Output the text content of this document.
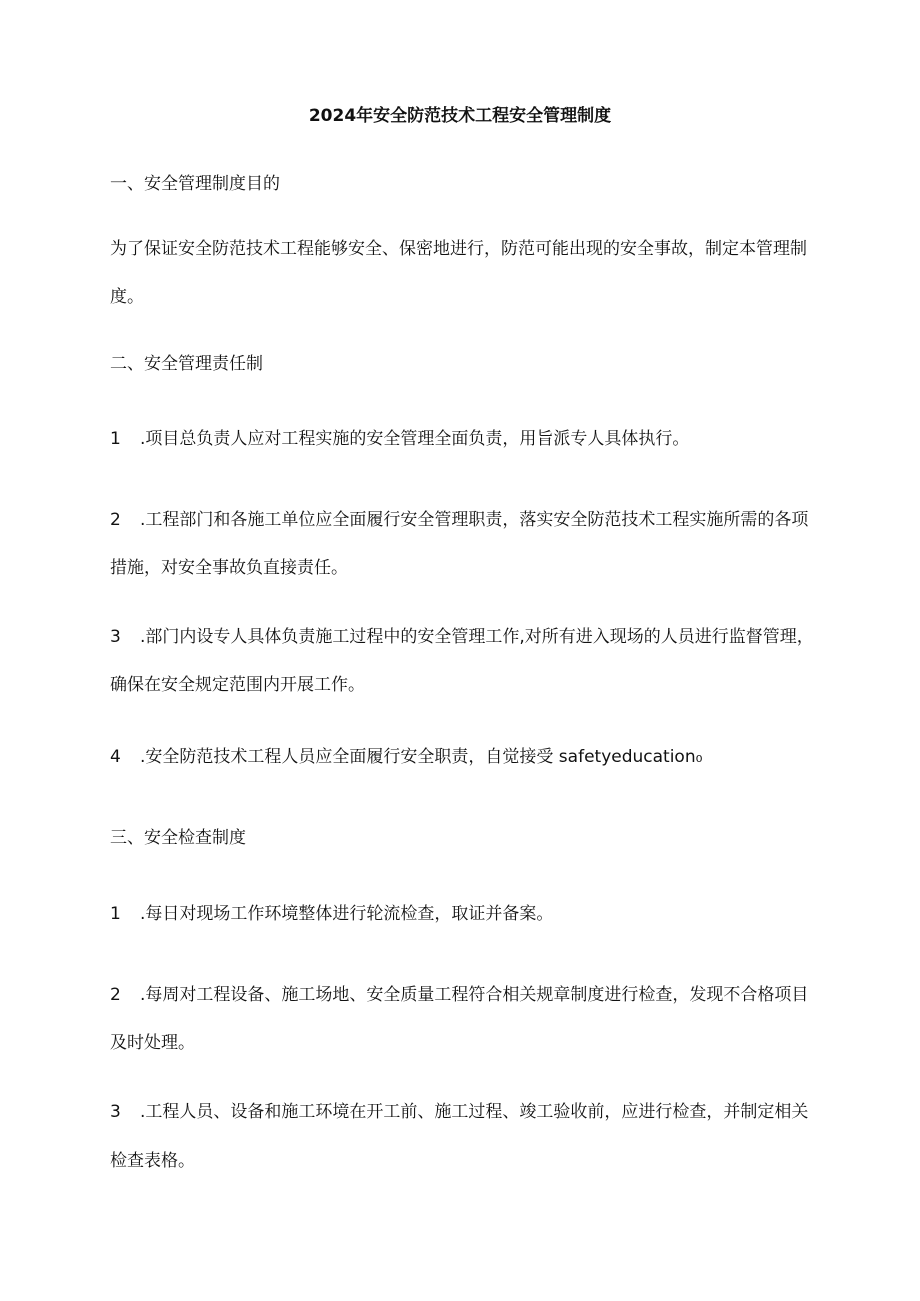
2024年安全防范技术工程安全管理制度
一、安全管理制度目的
为了保证安全防范技术工程能够安全、保密地进行，防范可能出现的安全事故，制定本管理制
度。
二、安全管理责任制
1 .项目总负责人应对工程实施的安全管理全面负责，用旨派专人具体执行。
2 .工程部门和各施工单位应全面履行安全管理职责，落实安全防范技术工程实施所需的各项
措施，对安全事故负直接责任。
3 .部门内设专人具体负责施工过程中的安全管理工作,对所有进入现场的人员进行监督管理，
确保在安全规定范围内开展工作。
4 .安全防范技术工程人员应全面履行安全职责，自觉接受 safetyeducation₀
三、安全检查制度
1 .每日对现场工作环境整体进行轮流检查，取证并备案。
2 .每周对工程设备、施工场地、安全质量工程符合相关规章制度进行检查，发现不合格项目
及时处理。
3 .工程人员、设备和施工环境在开工前、施工过程、竣工验收前，应进行检查，并制定相关
检查表格。
